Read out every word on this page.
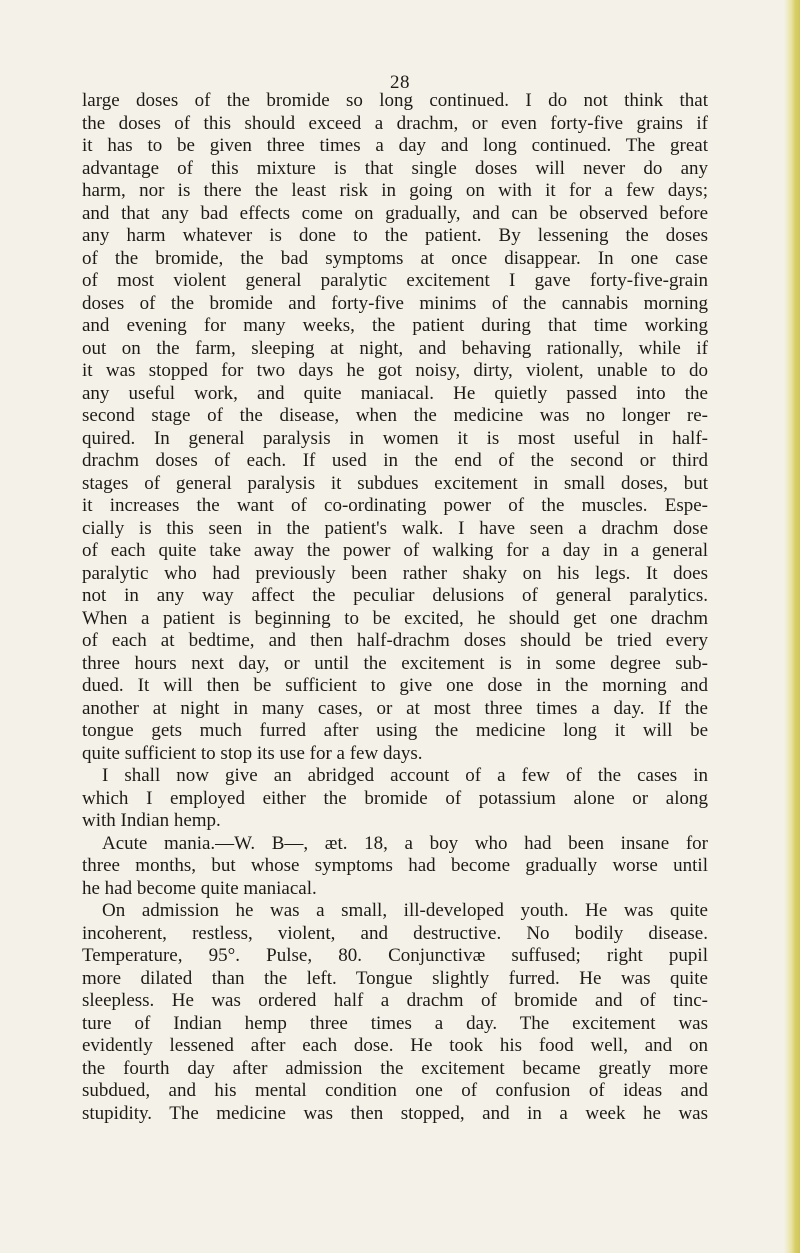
28
large doses of the bromide so long continued. I do not think that
the doses of this should exceed a drachm, or even forty-five grains if
it has to be given three times a day and long continued. The great
advantage of this mixture is that single doses will never do any
harm, nor is there the least risk in going on with it for a few days;
and that any bad effects come on gradually, and can be observed before
any harm whatever is done to the patient. By lessening the doses
of the bromide, the bad symptoms at once disappear. In one case
of most violent general paralytic excitement I gave forty-five-grain
doses of the bromide and forty-five minims of the cannabis morning
and evening for many weeks, the patient during that time working
out on the farm, sleeping at night, and behaving rationally, while if
it was stopped for two days he got noisy, dirty, violent, unable to do
any useful work, and quite maniacal. He quietly passed into the
second stage of the disease, when the medicine was no longer re-
quired. In general paralysis in women it is most useful in half-
drachm doses of each. If used in the end of the second or third
stages of general paralysis it subdues excitement in small doses, but
it increases the want of co-ordinating power of the muscles. Espe-
cially is this seen in the patient's walk. I have seen a drachm dose
of each quite take away the power of walking for a day in a general
paralytic who had previously been rather shaky on his legs. It does
not in any way affect the peculiar delusions of general paralytics.
When a patient is beginning to be excited, he should get one drachm
of each at bedtime, and then half-drachm doses should be tried every
three hours next day, or until the excitement is in some degree sub-
dued. It will then be sufficient to give one dose in the morning and
another at night in many cases, or at most three times a day. If the
tongue gets much furred after using the medicine long it will be
quite sufficient to stop its use for a few days.
I shall now give an abridged account of a few of the cases in
which I employed either the bromide of potassium alone or along
with Indian hemp.
Acute mania.—W. B—, æt. 18, a boy who had been insane for
three months, but whose symptoms had become gradually worse until
he had become quite maniacal.
On admission he was a small, ill-developed youth. He was quite
incoherent, restless, violent, and destructive. No bodily disease.
Temperature, 95°. Pulse, 80. Conjunctivæ suffused; right pupil
more dilated than the left. Tongue slightly furred. He was quite
sleepless. He was ordered half a drachm of bromide and of tinc-
ture of Indian hemp three times a day. The excitement was
evidently lessened after each dose. He took his food well, and on
the fourth day after admission the excitement became greatly more
subdued, and his mental condition one of confusion of ideas and
stupidity. The medicine was then stopped, and in a week he was
